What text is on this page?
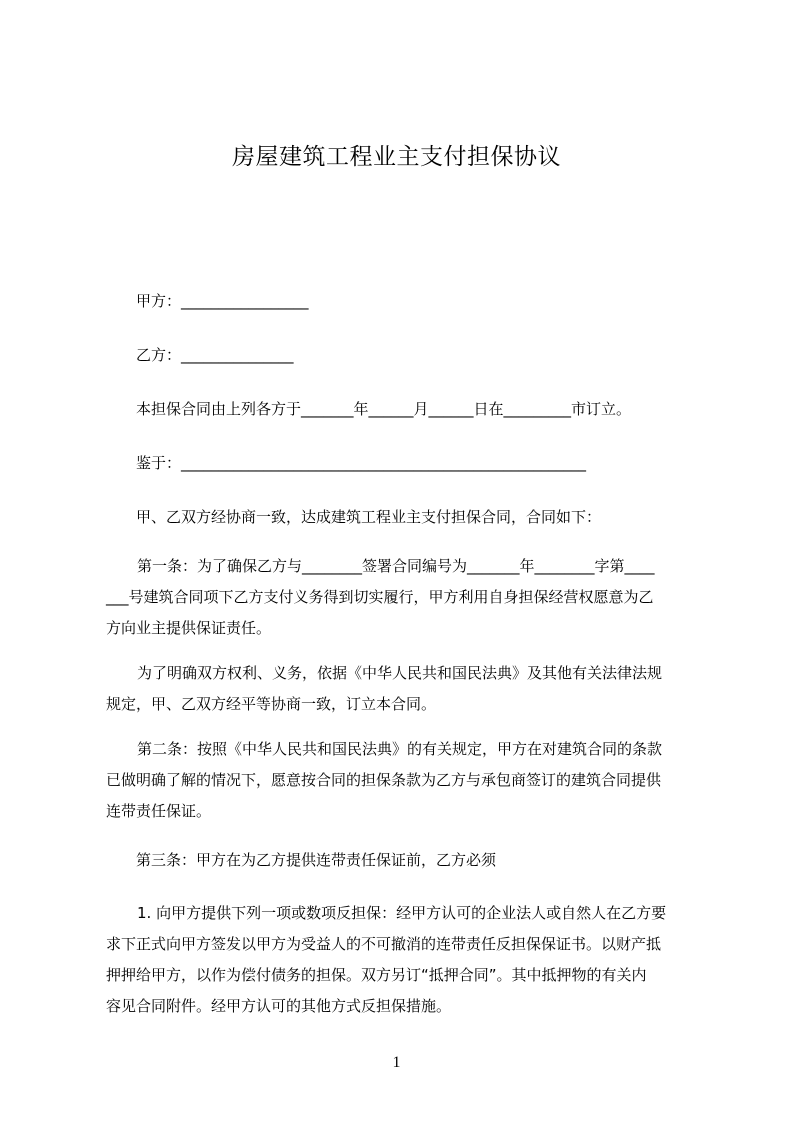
房屋建筑工程业主支付担保协议
甲方：_________________
乙方：_______________
本担保合同由上列各方于_______年______月______日在_________市订立。
鉴于：______________________________________________________
甲、乙双方经协商一致，达成建筑工程业主支付担保合同，合同如下：
第一条：为了确保乙方与________签署合同编号为_______年________字第____
___号建筑合同项下乙方支付义务得到切实履行，甲方利用自身担保经营权愿意为乙
方向业主提供保证责任。
为了明确双方权利、义务，依据《中华人民共和国民法典》及其他有关法律法规
规定，甲、乙双方经平等协商一致，订立本合同。
第二条：按照《中华人民共和国民法典》的有关规定，甲方在对建筑合同的条款
已做明确了解的情况下，愿意按合同的担保条款为乙方与承包商签订的建筑合同提供
连带责任保证。
第三条：甲方在为乙方提供连带责任保证前，乙方必须
1. 向甲方提供下列一项或数项反担保：经甲方认可的企业法人或自然人在乙方要
求下正式向甲方签发以甲方为受益人的不可撤消的连带责任反担保保证书。以财产抵
押押给甲方，以作为偿付债务的担保。双方另订“抵押合同”。其中抵押物的有关内
容见合同附件。经甲方认可的其他方式反担保措施。
1
